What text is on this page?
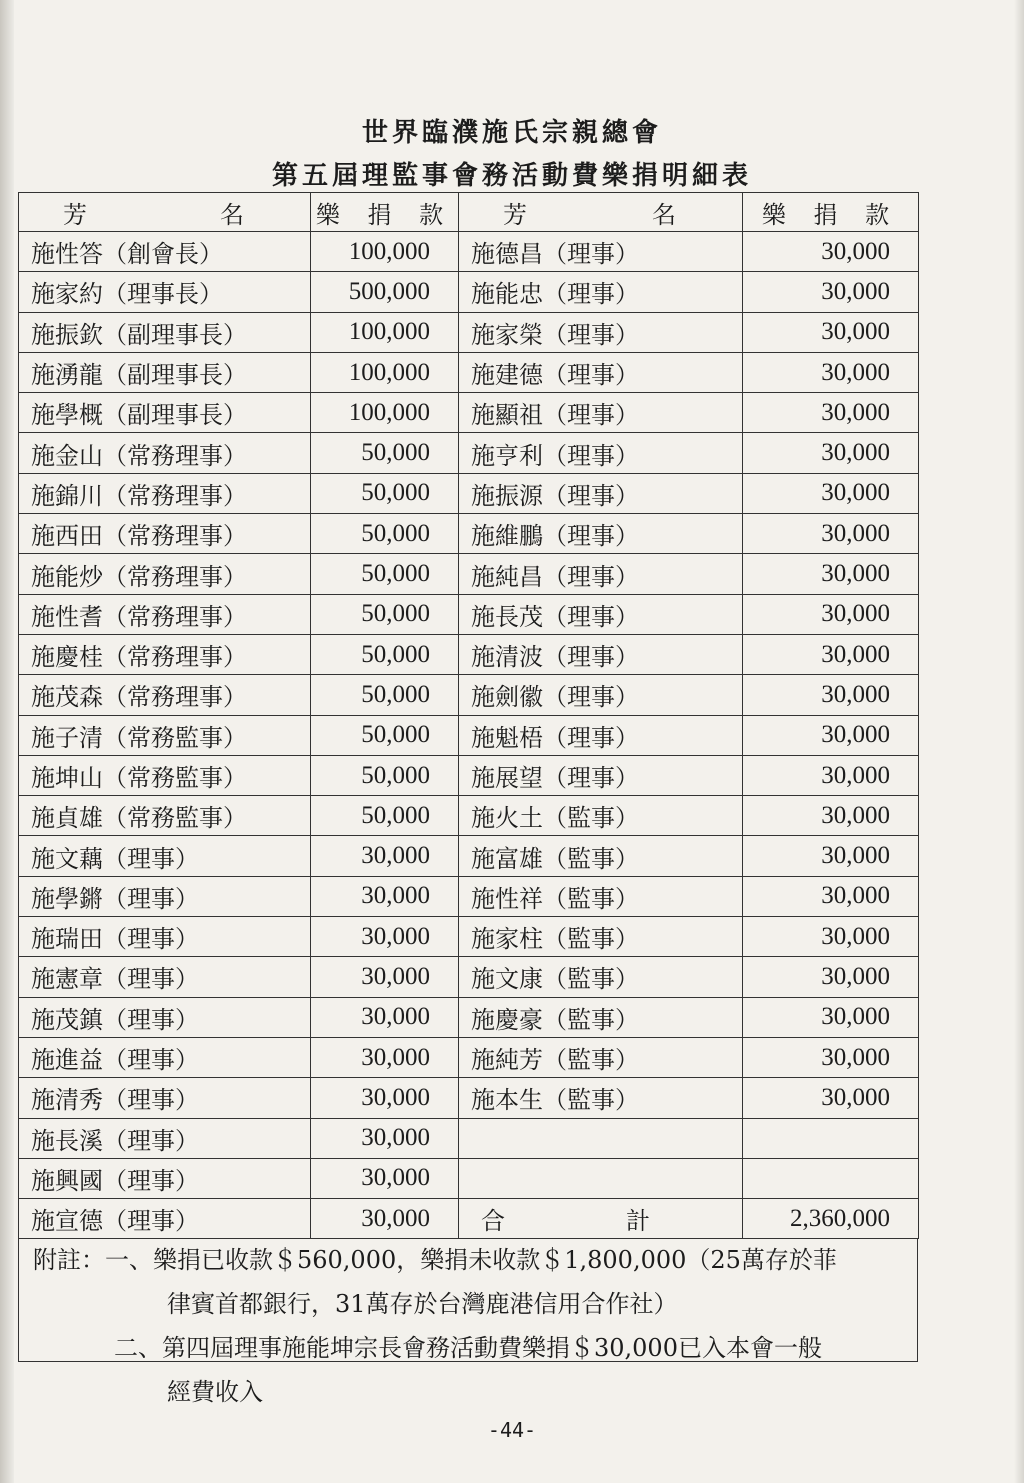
世界臨濮施氏宗親總會
第五屆理監事會務活動費樂捐明細表
芳 名	樂 捐 款	芳 名	樂 捐 款
施性答（創會長）	100,000	施德昌（理事）	30,000
施家約（理事長）	500,000	施能忠（理事）	30,000
施振欽（副理事長）	100,000	施家榮（理事）	30,000
施湧龍（副理事長）	100,000	施建德（理事）	30,000
施學概（副理事長）	100,000	施顯祖（理事）	30,000
施金山（常務理事）	50,000	施亨利（理事）	30,000
施錦川（常務理事）	50,000	施振源（理事）	30,000
施西田（常務理事）	50,000	施維鵬（理事）	30,000
施能炒（常務理事）	50,000	施純昌（理事）	30,000
施性耆（常務理事）	50,000	施長茂（理事）	30,000
施慶桂（常務理事）	50,000	施清波（理事）	30,000
施茂森（常務理事）	50,000	施劍徽（理事）	30,000
施子清（常務監事）	50,000	施魁梧（理事）	30,000
施坤山（常務監事）	50,000	施展望（理事）	30,000
施貞雄（常務監事）	50,000	施火土（監事）	30,000
施文藕（理事）	30,000	施富雄（監事）	30,000
施學鏘（理事）	30,000	施性祥（監事）	30,000
施瑞田（理事）	30,000	施家柱（監事）	30,000
施憲章（理事）	30,000	施文康（監事）	30,000
施茂鎮（理事）	30,000	施慶豪（監事）	30,000
施進益（理事）	30,000	施純芳（監事）	30,000
施清秀（理事）	30,000	施本生（監事）	30,000
施長溪（理事）	30,000		
施興國（理事）	30,000		
施宣德（理事）	30,000	合 計	2,360,000
附註：一、樂捐已收款＄560,000，樂捐未收款＄1,800,000（25萬存於菲
律賓首都銀行，31萬存於台灣鹿港信用合作社）
二、第四屆理事施能坤宗長會務活動費樂捐＄30,000已入本會一般
經費收入
-44-
